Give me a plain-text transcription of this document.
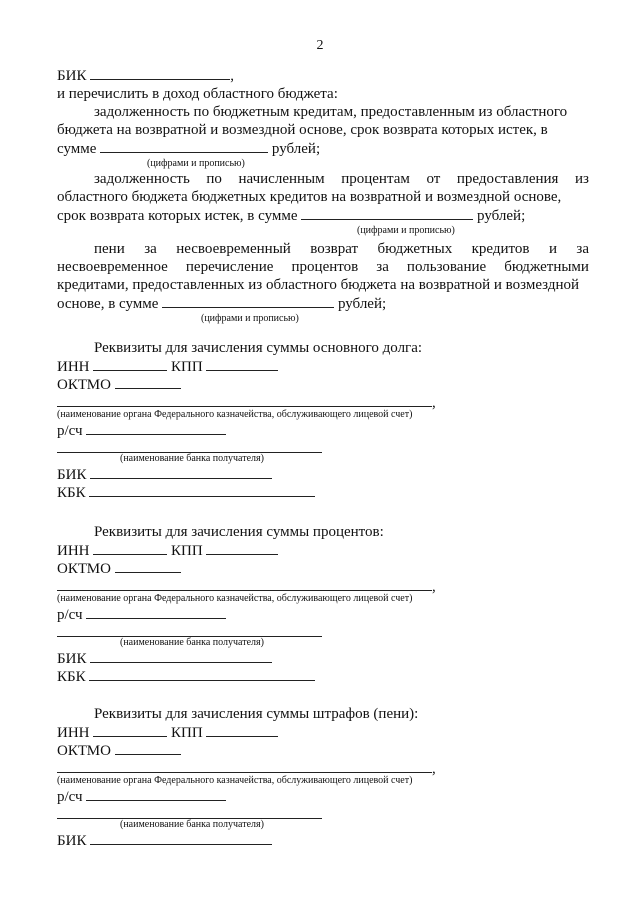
2
БИК	,
и перечислить в доход областного бюджета:
задолженность по бюджетным кредитам, предоставленным из областного
бюджета на возвратной и возмездной основе, срок возврата которых истек, в
сумме	рублей;
(цифрами и прописью)
задолженность по начисленным процентам от предоставления из
областного бюджета бюджетных кредитов на возвратной и возмездной основе,
срок возврата которых истек, в сумме	рублей;
(цифрами и прописью)
пени за несвоевременный возврат бюджетных кредитов и за
несвоевременное перечисление процентов за пользование бюджетными
кредитами, предоставленных из областного бюджета на возвратной и возмездной
основе, в сумме	рублей;
(цифрами и прописью)
Реквизиты для зачисления суммы основного долга:
ИНН	КПП
ОКТМО
,
(наименование органа Федерального казначейства, обслуживающего лицевой счет)
р/сч
(наименование банка получателя)
БИК
КБК
Реквизиты для зачисления суммы процентов:
ИНН	КПП
ОКТМО
,
(наименование органа Федерального казначейства, обслуживающего лицевой счет)
р/сч
(наименование банка получателя)
БИК
КБК
Реквизиты для зачисления суммы штрафов (пени):
ИНН	КПП
ОКТМО
,
(наименование органа Федерального казначейства, обслуживающего лицевой счет)
р/сч
(наименование банка получателя)
БИК
